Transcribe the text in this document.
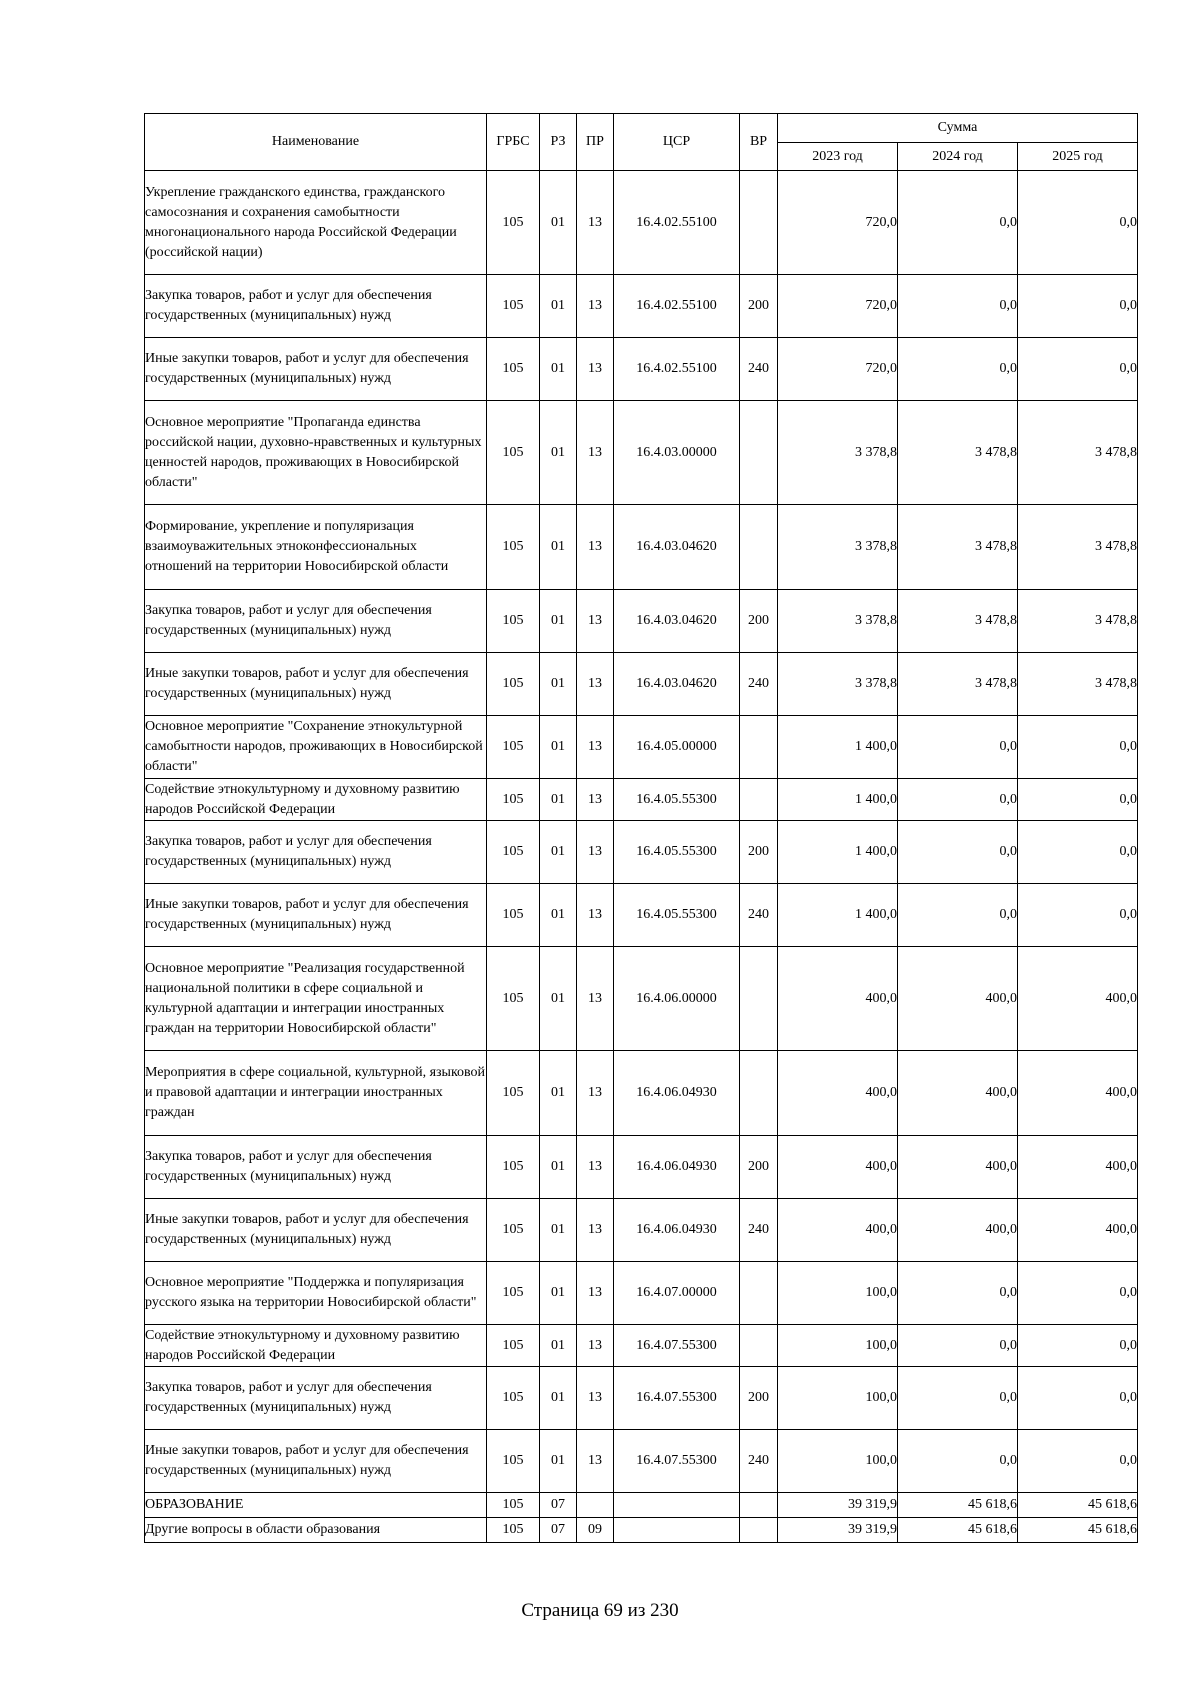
Наименование	ГРБС	РЗ	ПР	ЦСР	ВР	Сумма		
						2023 год	2024 год	2025 год
Укрепление гражданского единства, гражданского самосознания и сохранения самобытности многонационального народа Российской Федерации (российской нации)	105	01	13	16.4.02.55100		720,0	0,0	0,0
Закупка товаров, работ и услуг для обеспечения государственных (муниципальных) нужд	105	01	13	16.4.02.55100	200	720,0	0,0	0,0
Иные закупки товаров, работ и услуг для обеспечения государственных (муниципальных) нужд	105	01	13	16.4.02.55100	240	720,0	0,0	0,0
Основное мероприятие "Пропаганда единства российской нации, духовно-нравственных и культурных ценностей народов, проживающих в Новосибирской области"	105	01	13	16.4.03.00000		3 378,8	3 478,8	3 478,8
Формирование, укрепление и популяризация взаимоуважительных этноконфессиональных отношений на территории Новосибирской области	105	01	13	16.4.03.04620		3 378,8	3 478,8	3 478,8
Закупка товаров, работ и услуг для обеспечения государственных (муниципальных) нужд	105	01	13	16.4.03.04620	200	3 378,8	3 478,8	3 478,8
Иные закупки товаров, работ и услуг для обеспечения государственных (муниципальных) нужд	105	01	13	16.4.03.04620	240	3 378,8	3 478,8	3 478,8
Основное мероприятие "Сохранение этнокультурной самобытности народов, проживающих в Новосибирской области"	105	01	13	16.4.05.00000		1 400,0	0,0	0,0
Содействие этнокультурному и духовному развитию народов Российской Федерации	105	01	13	16.4.05.55300		1 400,0	0,0	0,0
Закупка товаров, работ и услуг для обеспечения государственных (муниципальных) нужд	105	01	13	16.4.05.55300	200	1 400,0	0,0	0,0
Иные закупки товаров, работ и услуг для обеспечения государственных (муниципальных) нужд	105	01	13	16.4.05.55300	240	1 400,0	0,0	0,0
Основное мероприятие "Реализация государственной национальной политики в сфере социальной и культурной адаптации и интеграции иностранных граждан на территории Новосибирской области"	105	01	13	16.4.06.00000		400,0	400,0	400,0
Мероприятия в сфере социальной, культурной, языковой и правовой адаптации и интеграции иностранных граждан	105	01	13	16.4.06.04930		400,0	400,0	400,0
Закупка товаров, работ и услуг для обеспечения государственных (муниципальных) нужд	105	01	13	16.4.06.04930	200	400,0	400,0	400,0
Иные закупки товаров, работ и услуг для обеспечения государственных (муниципальных) нужд	105	01	13	16.4.06.04930	240	400,0	400,0	400,0
Основное мероприятие "Поддержка и популяризация русского языка на территории Новосибирской области"	105	01	13	16.4.07.00000		100,0	0,0	0,0
Содействие этнокультурному и духовному развитию народов Российской Федерации	105	01	13	16.4.07.55300		100,0	0,0	0,0
Закупка товаров, работ и услуг для обеспечения государственных (муниципальных) нужд	105	01	13	16.4.07.55300	200	100,0	0,0	0,0
Иные закупки товаров, работ и услуг для обеспечения государственных (муниципальных) нужд	105	01	13	16.4.07.55300	240	100,0	0,0	0,0
ОБРАЗОВАНИЕ	105	07				39 319,9	45 618,6	45 618,6
Другие вопросы в области образования	105	07	09			39 319,9	45 618,6	45 618,6
Страница 69 из 230
